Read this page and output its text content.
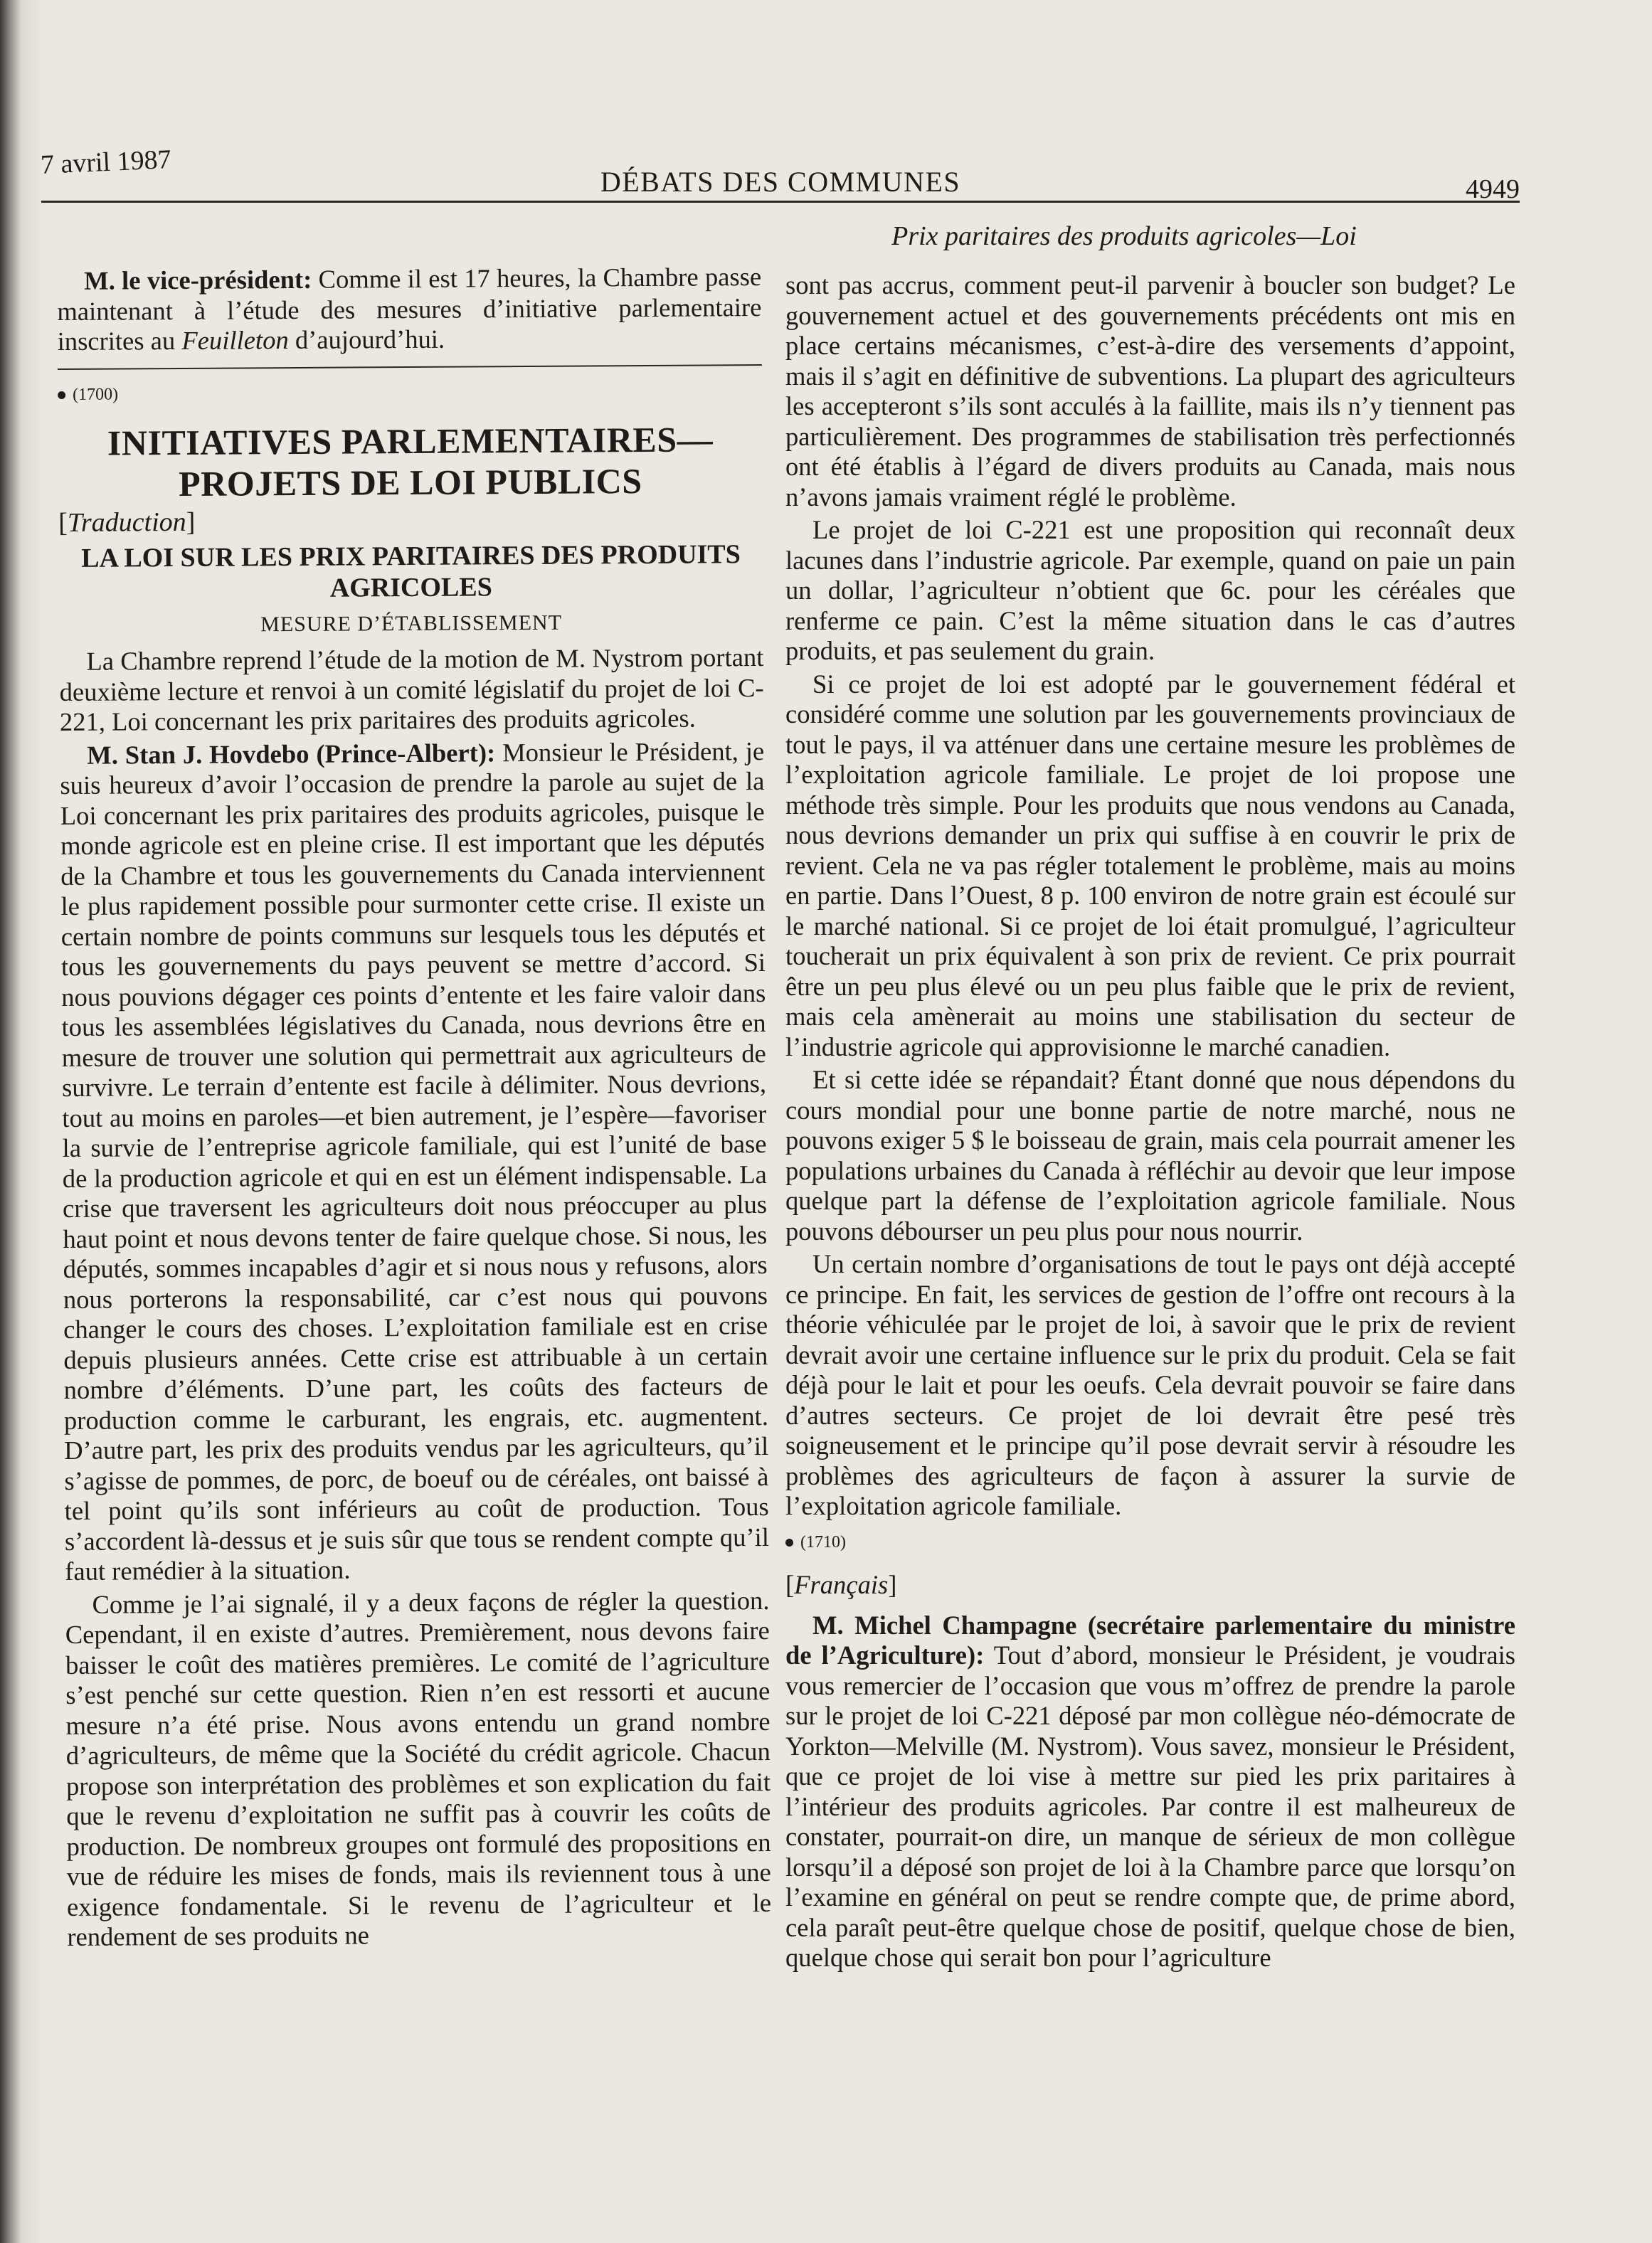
7 avril 1987
DÉBATS DES COMMUNES	4949
Prix paritaires des produits agricoles—Loi

M. le vice-président: Comme il est 17 heures, la Chambre passe maintenant à l’étude des mesures d’initiative parlementaire inscrites au Feuilleton d’aujourd’hui.

(1700)
INITIATIVES PARLEMENTAIRES— PROJETS DE LOI PUBLICS
[Traduction]
LA LOI SUR LES PRIX PARITAIRES DES PRODUITS AGRICOLES
MESURE D’ÉTABLISSEMENT

La Chambre reprend l’étude de la motion de M. Nystrom portant deuxième lecture et renvoi à un comité législatif du projet de loi C-221, Loi concernant les prix paritaires des produits agricoles.

M. Stan J. Hovdebo (Prince-Albert): Monsieur le Président, je suis heureux d’avoir l’occasion de prendre la parole au sujet de la Loi concernant les prix paritaires des produits agricoles, puisque le monde agricole est en pleine crise. Il est important que les députés de la Chambre et tous les gouvernements du Canada interviennent le plus rapidement possible pour surmonter cette crise. Il existe un certain nombre de points communs sur lesquels tous les députés et tous les gouvernements du pays peuvent se mettre d’accord. Si nous pouvions dégager ces points d’entente et les faire valoir dans tous les assemblées législatives du Canada, nous devrions être en mesure de trouver une solution qui permettrait aux agriculteurs de survivre. Le terrain d’entente est facile à délimiter. Nous devrions, tout au moins en paroles—et bien autrement, je l’espère—favoriser la survie de l’entreprise agricole familiale, qui est l’unité de base de la production agricole et qui en est un élément indispensable. La crise que traversent les agriculteurs doit nous préoccuper au plus haut point et nous devons tenter de faire quelque chose. Si nous, les députés, sommes incapables d’agir et si nous nous y refusons, alors nous porterons la responsabilité, car c’est nous qui pouvons changer le cours des choses. L’exploitation familiale est en crise depuis plusieurs années. Cette crise est attribuable à un certain nombre d’éléments. D’une part, les coûts des facteurs de production comme le carburant, les engrais, etc. augmentent. D’autre part, les prix des produits vendus par les agriculteurs, qu’il s’agisse de pommes, de porc, de boeuf ou de céréales, ont baissé à tel point qu’ils sont inférieurs au coût de production. Tous s’accordent là-dessus et je suis sûr que tous se rendent compte qu’il faut remédier à la situation.

Comme je l’ai signalé, il y a deux façons de régler la question. Cependant, il en existe d’autres. Premièrement, nous devons faire baisser le coût des matières premières. Le comité de l’agriculture s’est penché sur cette question. Rien n’en est ressorti et aucune mesure n’a été prise. Nous avons entendu un grand nombre d’agriculteurs, de même que la Société du crédit agricole. Chacun propose son interprétation des problèmes et son explication du fait que le revenu d’exploitation ne suffit pas à couvrir les coûts de production. De nombreux groupes ont formulé des propositions en vue de réduire les mises de fonds, mais ils reviennent tous à une exigence fondamentale. Si le revenu de l’agriculteur et le rendement de ses produits ne

sont pas accrus, comment peut-il parvenir à boucler son budget? Le gouvernement actuel et des gouvernements précédents ont mis en place certains mécanismes, c’est-à-dire des versements d’appoint, mais il s’agit en définitive de subventions. La plupart des agriculteurs les accepteront s’ils sont acculés à la faillite, mais ils n’y tiennent pas particulièrement. Des programmes de stabilisation très perfectionnés ont été établis à l’égard de divers produits au Canada, mais nous n’avons jamais vraiment réglé le problème.

Le projet de loi C-221 est une proposition qui reconnaît deux lacunes dans l’industrie agricole. Par exemple, quand on paie un pain un dollar, l’agriculteur n’obtient que 6c. pour les céréales que renferme ce pain. C’est la même situation dans le cas d’autres produits, et pas seulement du grain.

Si ce projet de loi est adopté par le gouvernement fédéral et considéré comme une solution par les gouvernements provinciaux de tout le pays, il va atténuer dans une certaine mesure les problèmes de l’exploitation agricole familiale. Le projet de loi propose une méthode très simple. Pour les produits que nous vendons au Canada, nous devrions demander un prix qui suffise à en couvrir le prix de revient. Cela ne va pas régler totalement le problème, mais au moins en partie. Dans l’Ouest, 8 p. 100 environ de notre grain est écoulé sur le marché national. Si ce projet de loi était promulgué, l’agriculteur toucherait un prix équivalent à son prix de revient. Ce prix pourrait être un peu plus élevé ou un peu plus faible que le prix de revient, mais cela amènerait au moins une stabilisation du secteur de l’industrie agricole qui approvisionne le marché canadien.

Et si cette idée se répandait? Étant donné que nous dépendons du cours mondial pour une bonne partie de notre marché, nous ne pouvons exiger 5 $ le boisseau de grain, mais cela pourrait amener les populations urbaines du Canada à réfléchir au devoir que leur impose quelque part la défense de l’exploitation agricole familiale. Nous pouvons débourser un peu plus pour nous nourrir.

Un certain nombre d’organisations de tout le pays ont déjà accepté ce principe. En fait, les services de gestion de l’offre ont recours à la théorie véhiculée par le projet de loi, à savoir que le prix de revient devrait avoir une certaine influence sur le prix du produit. Cela se fait déjà pour le lait et pour les oeufs. Cela devrait pouvoir se faire dans d’autres secteurs. Ce projet de loi devrait être pesé très soigneusement et le principe qu’il pose devrait servir à résoudre les problèmes des agriculteurs de façon à assurer la survie de l’exploitation agricole familiale.

(1710)
[Français]

M. Michel Champagne (secrétaire parlementaire du ministre de l’Agriculture): Tout d’abord, monsieur le Président, je voudrais vous remercier de l’occasion que vous m’offrez de prendre la parole sur le projet de loi C-221 déposé par mon collègue néo-démocrate de Yorkton—Melville (M. Nystrom). Vous savez, monsieur le Président, que ce projet de loi vise à mettre sur pied les prix paritaires à l’intérieur des produits agricoles. Par contre il est malheureux de constater, pourrait-on dire, un manque de sérieux de mon collègue lorsqu’il a déposé son projet de loi à la Chambre parce que lorsqu’on l’examine en général on peut se rendre compte que, de prime abord, cela paraît peut-être quelque chose de positif, quelque chose de bien, quelque chose qui serait bon pour l’agriculture
